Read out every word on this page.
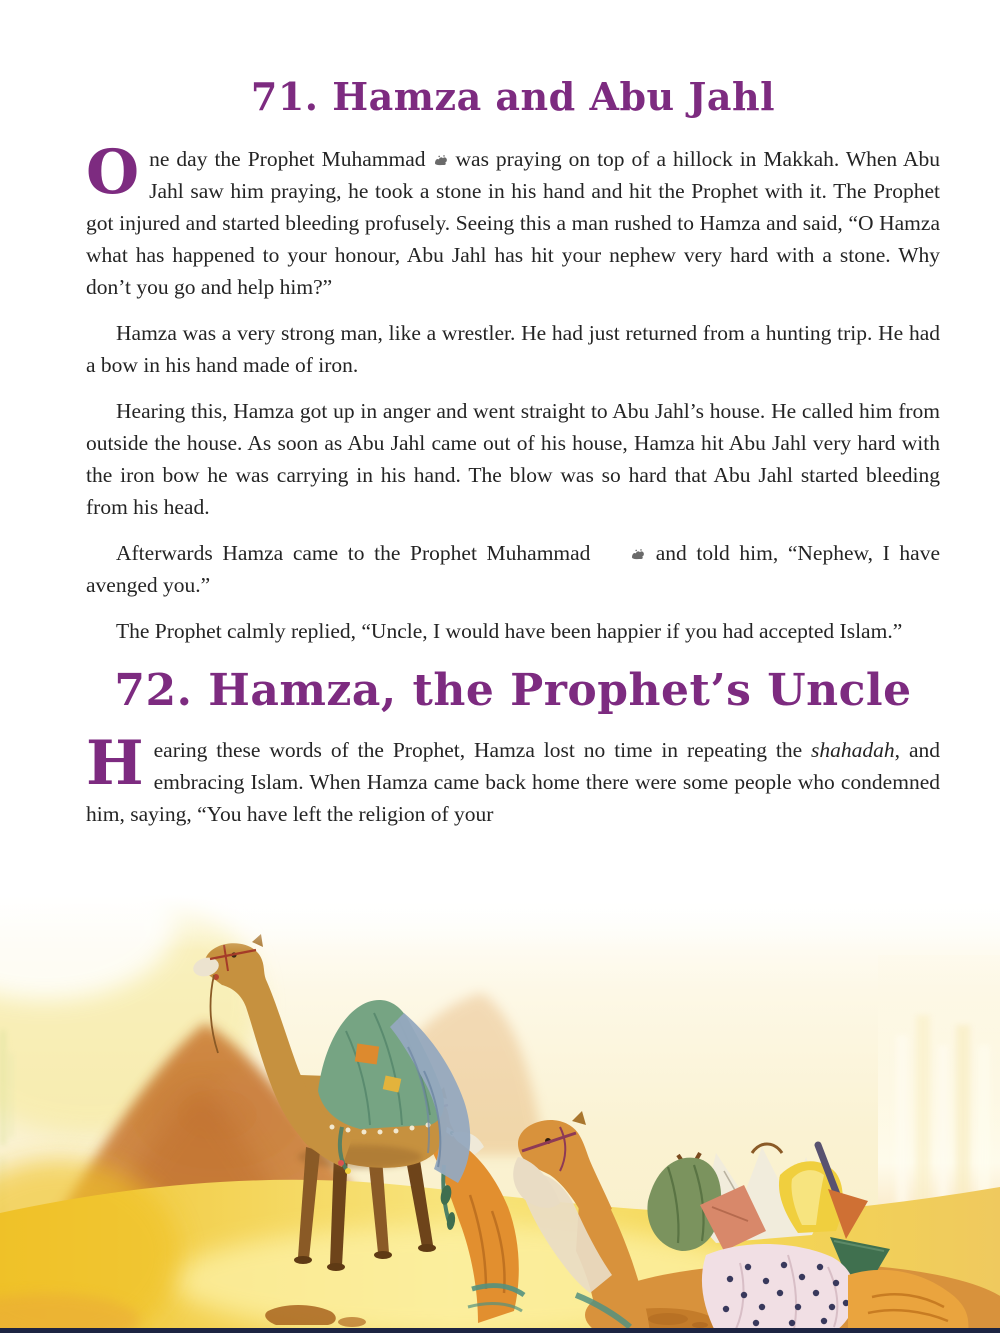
71. Hamza and Abu Jahl

One day the Prophet Muhammad  was praying on top of a hillock in Makkah. When Abu Jahl saw him praying, he took a stone in his hand and hit the Prophet with it. The Prophet got injured and started bleeding profusely. Seeing this a man rushed to Hamza and said, “O Hamza what has happened to your honour, Abu Jahl has hit your nephew very hard with a stone. Why don’t you go and help him?”

Hamza was a very strong man, like a wrestler. He had just returned from a hunting trip. He had a bow in his hand made of iron.

Hearing this, Hamza got up in anger and went straight to Abu Jahl’s house. He called him from outside the house. As soon as Abu Jahl came out of his house, Hamza hit Abu Jahl very hard with the iron bow he was carrying in his hand. The blow was so hard that Abu Jahl started bleeding from his head.

Afterwards Hamza came to the Prophet Muhammad	and told him, “Nephew, I have avenged you.”

The Prophet calmly replied, “Uncle, I would have been happier if you had accepted Islam.”

72. Hamza, the Prophet’s Uncle

Hearing these words of the Prophet, Hamza lost no time in repeating the shahadah, and embracing Islam. When Hamza came back home there were some people who condemned him, saying, “You have left the religion of your
